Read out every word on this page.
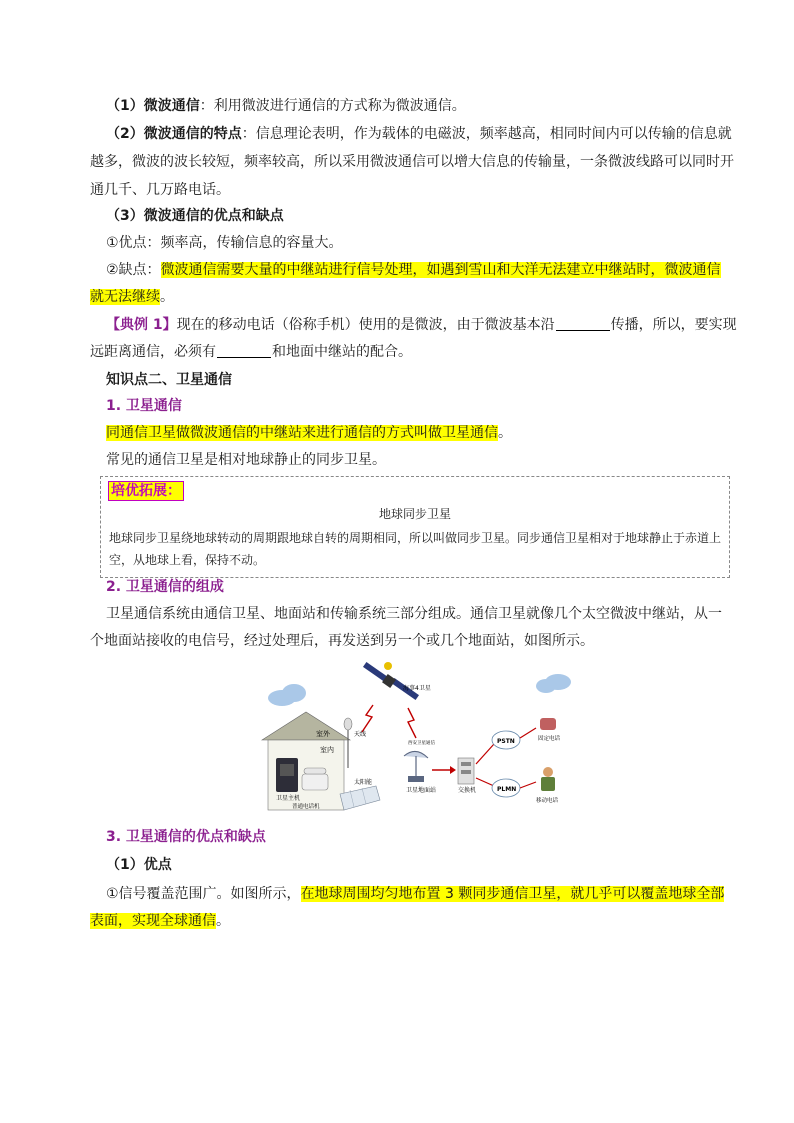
（1）微波通信：利用微波进行通信的方式称为微波通信。
（2）微波通信的特点：信息理论表明，作为载体的电磁波，频率越高，相同时间内可以传输的信息就
越多，微波的波长较短，频率较高，所以采用微波通信可以增大信息的传输量，一条微波线路可以同时开
通几千、几万路电话。
（3）微波通信的优点和缺点
①优点：频率高，传输信息的容量大。
②缺点：微波通信需要大量的中继站进行信号处理，如遇到雪山和大洋无法建立中继站时，微波通信
就无法继续。
【典例 1】现在的移动电话（俗称手机）使用的是微波，由于微波基本沿	传播，所以，要实现
远距离通信，必须有	和地面中继站的配合。
知识点二、卫星通信
1. 卫星通信
同通信卫星做微波通信的中继站来进行通信的方式叫做卫星通信。
常见的通信卫星是相对地球静止的同步卫星。
培优拓展：
地球同步卫星
地球同步卫星绕地球转动的周期跟地球自转的周期相同，所以叫做同步卫星。同步通信卫星相对于地球静止于赤道上空，从地球上看，保持不动。
2. 卫星通信的组成
卫星通信系统由通信卫星、地面站和传输系统三部分组成。通信卫星就像几个太空微波中继站，从一
个地面站接收的电信号，经过处理后，再发送到另一个或几个地面站，如图所示。
海事4卫星
室外
室内
天线
卫星主机
普通电话机
太阳能
西安卫星通信
卫星地面站	交换机
PSTN
PLMN
固定电话
移动电话
3. 卫星通信的优点和缺点
（1）优点
①信号覆盖范围广。如图所示，在地球周围均匀地布置 3 颗同步通信卫星，就几乎可以覆盖地球全部
表面，实现全球通信。
